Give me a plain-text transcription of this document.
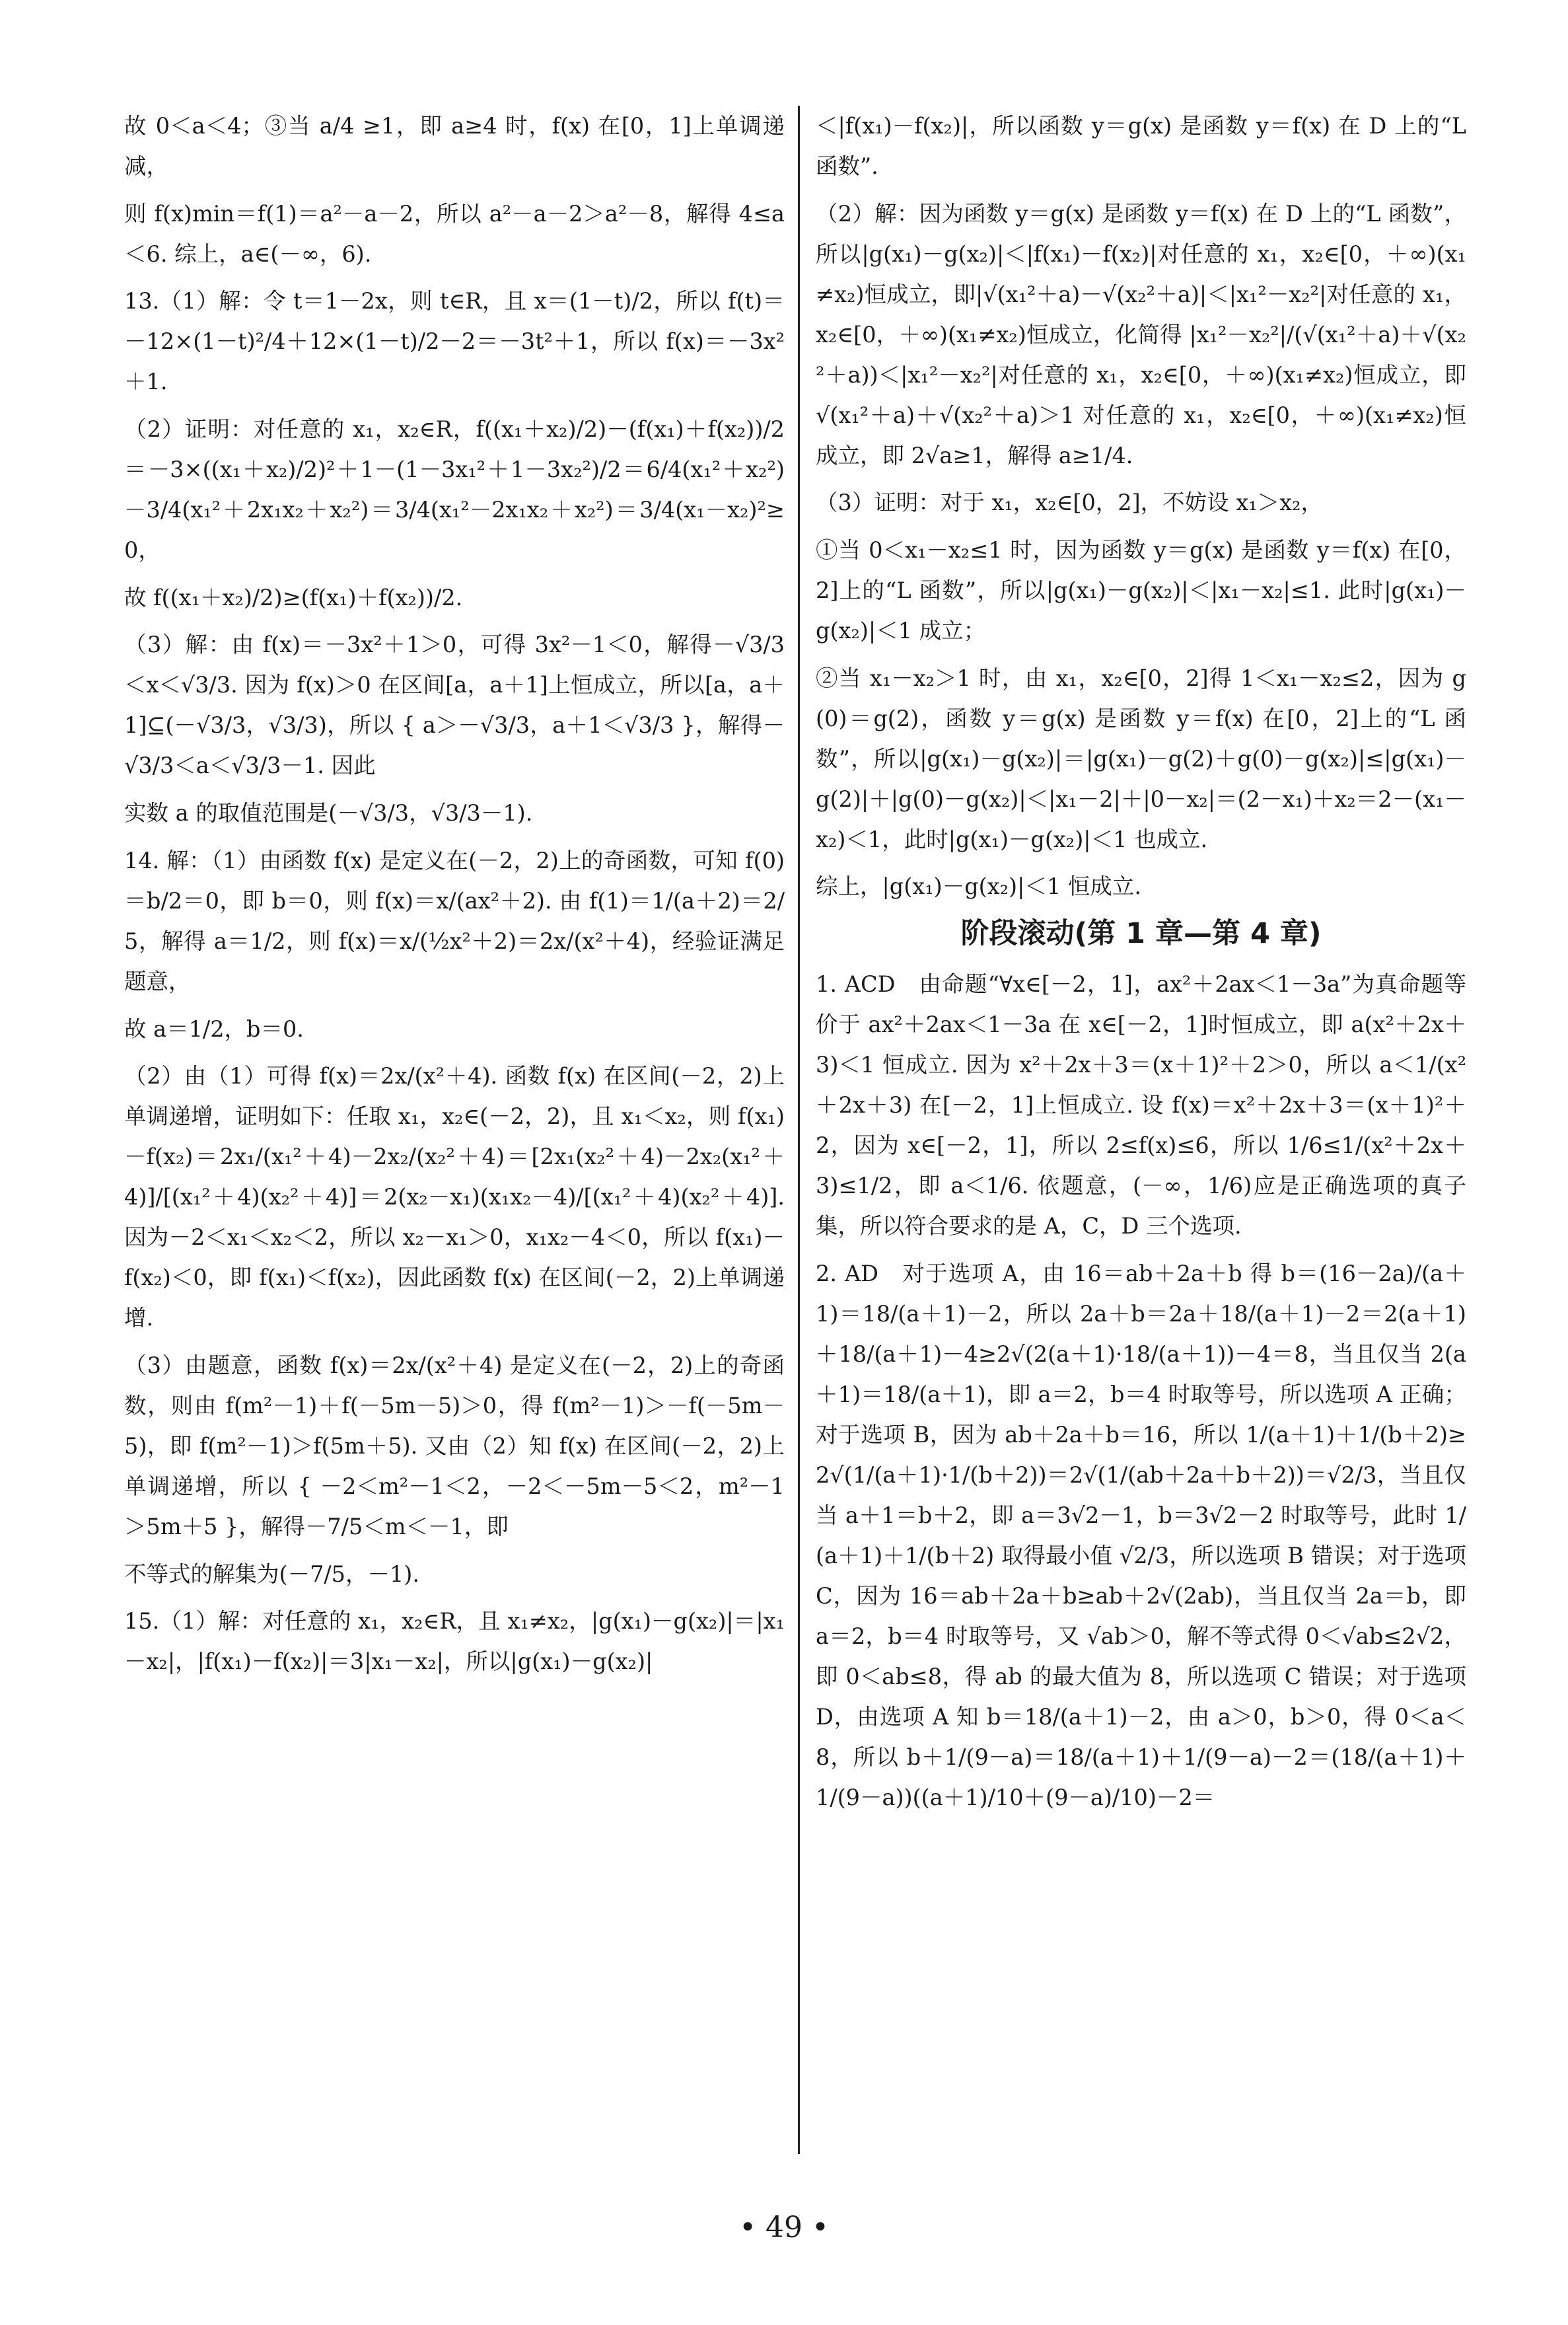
故 0＜a＜4；③当 a/4 ≥1，即 a≥4 时，f(x) 在[0，1]上单调递减，

则 f(x)min＝f(1)＝a²－a－2，所以 a²－a－2＞a²－8，解得 4≤a＜6. 综上，a∈(－∞，6).

13.（1）解：令 t＝1－2x，则 t∈R，且 x＝(1－t)/2，所以 f(t)＝－12×(1－t)²/4＋12×(1－t)/2－2＝－3t²＋1，所以 f(x)＝－3x²＋1.

（2）证明：对任意的 x₁，x₂∈R，f((x₁＋x₂)/2)－(f(x₁)＋f(x₂))/2＝－3×((x₁＋x₂)/2)²＋1－(1－3x₁²＋1－3x₂²)/2＝6/4(x₁²＋x₂²)－3/4(x₁²＋2x₁x₂＋x₂²)＝3/4(x₁²－2x₁x₂＋x₂²)＝3/4(x₁－x₂)²≥0，

故 f((x₁＋x₂)/2)≥(f(x₁)＋f(x₂))/2.

（3）解：由 f(x)＝－3x²＋1＞0，可得 3x²－1＜0，解得－√3/3＜x＜√3/3. 因为 f(x)＞0 在区间[a，a＋1]上恒成立，所以[a，a＋1]⊆(－√3/3，√3/3)，所以 { a＞－√3/3，a＋1＜√3/3 }，解得－√3/3＜a＜√3/3－1. 因此

实数 a 的取值范围是(－√3/3，√3/3－1).

14. 解：（1）由函数 f(x) 是定义在(－2，2)上的奇函数，可知 f(0)＝b/2＝0，即 b＝0，则 f(x)＝x/(ax²＋2). 由 f(1)＝1/(a＋2)＝2/5，解得 a＝1/2，则 f(x)＝x/(½x²＋2)＝2x/(x²＋4)，经验证满足题意，

故 a＝1/2，b＝0.

（2）由（1）可得 f(x)＝2x/(x²＋4). 函数 f(x) 在区间(－2，2)上单调递增，证明如下：任取 x₁，x₂∈(－2，2)，且 x₁＜x₂，则 f(x₁)－f(x₂)＝2x₁/(x₁²＋4)－2x₂/(x₂²＋4)＝[2x₁(x₂²＋4)－2x₂(x₁²＋4)]/[(x₁²＋4)(x₂²＋4)]＝2(x₂－x₁)(x₁x₂－4)/[(x₁²＋4)(x₂²＋4)]. 因为－2＜x₁＜x₂＜2，所以 x₂－x₁＞0，x₁x₂－4＜0，所以 f(x₁)－f(x₂)＜0，即 f(x₁)＜f(x₂)，因此函数 f(x) 在区间(－2，2)上单调递增.

（3）由题意，函数 f(x)＝2x/(x²＋4) 是定义在(－2，2)上的奇函数，则由 f(m²－1)＋f(－5m－5)＞0，得 f(m²－1)＞－f(－5m－5)，即 f(m²－1)＞f(5m＋5). 又由（2）知 f(x) 在区间(－2，2)上单调递增，所以 { －2＜m²－1＜2，－2＜－5m－5＜2，m²－1＞5m＋5 }，解得－7/5＜m＜－1，即

不等式的解集为(－7/5，－1).

15.（1）解：对任意的 x₁，x₂∈R，且 x₁≠x₂，|g(x₁)－g(x₂)|＝|x₁－x₂|，|f(x₁)－f(x₂)|＝3|x₁－x₂|，所以|g(x₁)－g(x₂)|

＜|f(x₁)－f(x₂)|，所以函数 y＝g(x) 是函数 y＝f(x) 在 D 上的“L 函数”.

（2）解：因为函数 y＝g(x) 是函数 y＝f(x) 在 D 上的“L 函数”，所以|g(x₁)－g(x₂)|＜|f(x₁)－f(x₂)|对任意的 x₁，x₂∈[0，＋∞)(x₁≠x₂)恒成立，即|√(x₁²＋a)－√(x₂²＋a)|＜|x₁²－x₂²|对任意的 x₁，x₂∈[0，＋∞)(x₁≠x₂)恒成立，化简得 |x₁²－x₂²|/(√(x₁²＋a)＋√(x₂²＋a))＜|x₁²－x₂²|对任意的 x₁，x₂∈[0，＋∞)(x₁≠x₂)恒成立，即√(x₁²＋a)＋√(x₂²＋a)＞1 对任意的 x₁，x₂∈[0，＋∞)(x₁≠x₂)恒成立，即 2√a≥1，解得 a≥1/4.

（3）证明：对于 x₁，x₂∈[0，2]，不妨设 x₁＞x₂，

①当 0＜x₁－x₂≤1 时，因为函数 y＝g(x) 是函数 y＝f(x) 在[0，2]上的“L 函数”，所以|g(x₁)－g(x₂)|＜|x₁－x₂|≤1. 此时|g(x₁)－g(x₂)|＜1 成立；

②当 x₁－x₂＞1 时，由 x₁，x₂∈[0，2]得 1＜x₁－x₂≤2，因为 g(0)＝g(2)，函数 y＝g(x) 是函数 y＝f(x) 在[0，2]上的“L 函数”，所以|g(x₁)－g(x₂)|＝|g(x₁)－g(2)＋g(0)－g(x₂)|≤|g(x₁)－g(2)|＋|g(0)－g(x₂)|＜|x₁－2|＋|0－x₂|＝(2－x₁)＋x₂＝2－(x₁－x₂)＜1，此时|g(x₁)－g(x₂)|＜1 也成立.

综上，|g(x₁)－g(x₂)|＜1 恒成立.

阶段滚动(第 1 章—第 4 章)

1. ACD　由命题“∀x∈[－2，1]，ax²＋2ax＜1－3a”为真命题等价于 ax²＋2ax＜1－3a 在 x∈[－2，1]时恒成立，即 a(x²＋2x＋3)＜1 恒成立. 因为 x²＋2x＋3＝(x＋1)²＋2＞0，所以 a＜1/(x²＋2x＋3) 在[－2，1]上恒成立. 设 f(x)＝x²＋2x＋3＝(x＋1)²＋2，因为 x∈[－2，1]，所以 2≤f(x)≤6，所以 1/6≤1/(x²＋2x＋3)≤1/2，即 a＜1/6. 依题意，(－∞，1/6)应是正确选项的真子集，所以符合要求的是 A，C，D 三个选项.

2. AD　对于选项 A，由 16＝ab＋2a＋b 得 b＝(16－2a)/(a＋1)＝18/(a＋1)－2，所以 2a＋b＝2a＋18/(a＋1)－2＝2(a＋1)＋18/(a＋1)－4≥2√(2(a＋1)·18/(a＋1))－4＝8，当且仅当 2(a＋1)＝18/(a＋1)，即 a＝2，b＝4 时取等号，所以选项 A 正确；对于选项 B，因为 ab＋2a＋b＝16，所以 1/(a＋1)＋1/(b＋2)≥2√(1/(a＋1)·1/(b＋2))＝2√(1/(ab＋2a＋b＋2))＝√2/3，当且仅当 a＋1＝b＋2，即 a＝3√2－1，b＝3√2－2 时取等号，此时 1/(a＋1)＋1/(b＋2) 取得最小值 √2/3，所以选项 B 错误；对于选项 C，因为 16＝ab＋2a＋b≥ab＋2√(2ab)，当且仅当 2a＝b，即 a＝2，b＝4 时取等号，又 √ab＞0，解不等式得 0＜√ab≤2√2，即 0＜ab≤8，得 ab 的最大值为 8，所以选项 C 错误；对于选项 D，由选项 A 知 b＝18/(a＋1)－2，由 a＞0，b＞0，得 0＜a＜8，所以 b＋1/(9－a)＝18/(a＋1)＋1/(9－a)－2＝(18/(a＋1)＋1/(9－a))((a＋1)/10＋(9－a)/10)－2＝

• 49 •
